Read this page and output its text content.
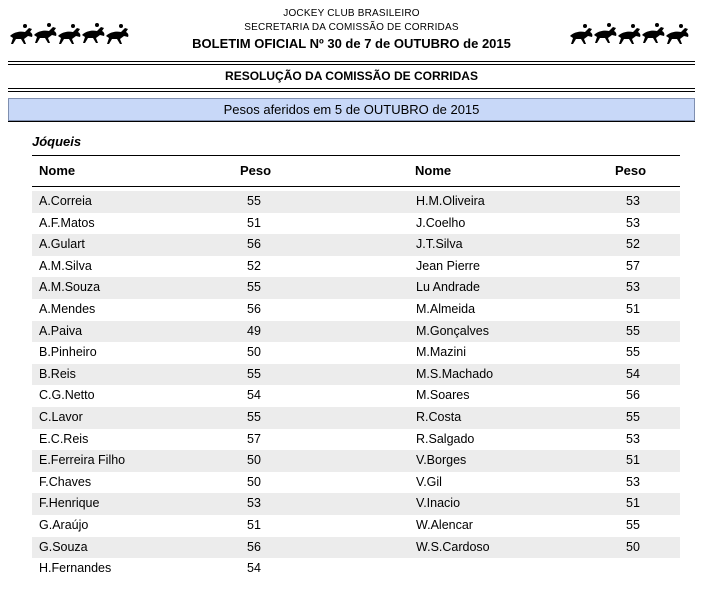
JOCKEY CLUB BRASILEIRO
SECRETARIA DA COMISSÃO DE CORRIDAS
BOLETIM OFICIAL Nº 30 de 7 de OUTUBRO de 2015
RESOLUÇÃO DA COMISSÃO DE CORRIDAS
Pesos aferidos em 5 de OUTUBRO de 2015
Jóqueis
Nome	Peso	Nome	Peso
A.Correia	55	H.M.Oliveira	53
A.F.Matos	51	J.Coelho	53
A.Gulart	56	J.T.Silva	52
A.M.Silva	52	Jean Pierre	57
A.M.Souza	55	Lu Andrade	53
A.Mendes	56	M.Almeida	51
A.Paiva	49	M.Gonçalves	55
B.Pinheiro	50	M.Mazini	55
B.Reis	55	M.S.Machado	54
C.G.Netto	54	M.Soares	56
C.Lavor	55	R.Costa	55
E.C.Reis	57	R.Salgado	53
E.Ferreira Filho	50	V.Borges	51
F.Chaves	50	V.Gil	53
F.Henrique	53	V.Inacio	51
G.Araújo	51	W.Alencar	55
G.Souza	56	W.S.Cardoso	50
H.Fernandes	54
